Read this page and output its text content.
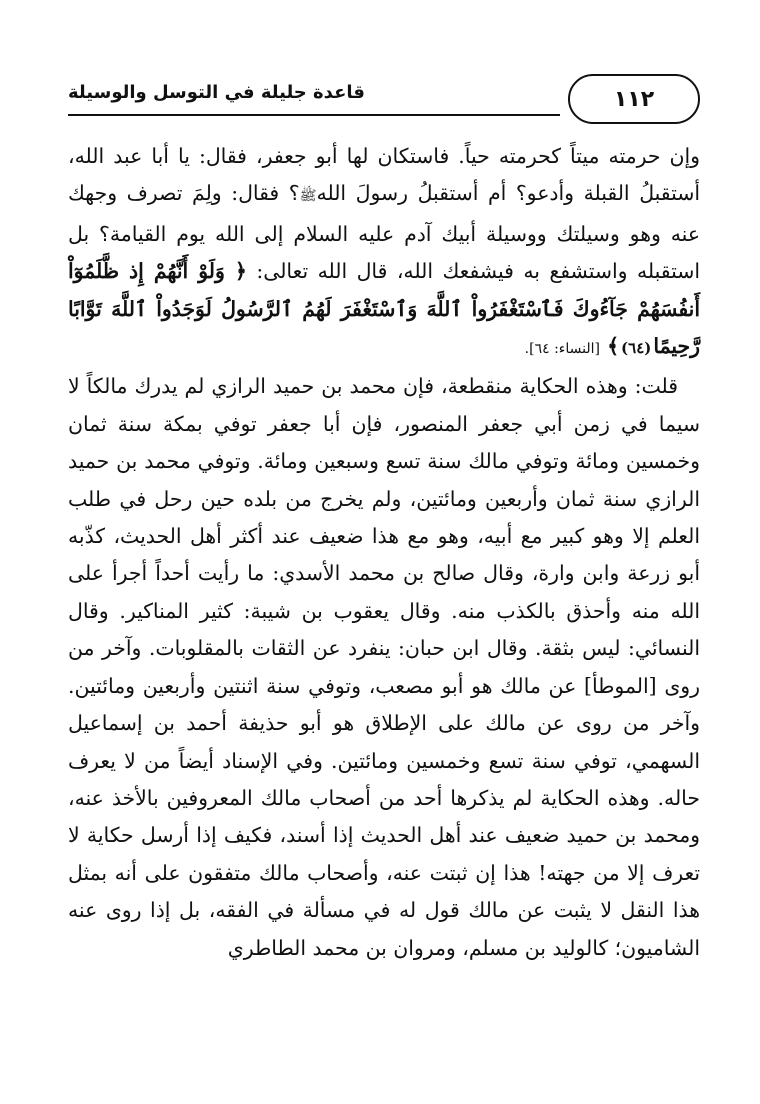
قاعدة جليلة في التوسل والوسيلة	١١٢

وإن حرمته ميتاً كحرمته حياً. فاستكان لها أبو جعفر، فقال: يا أبا عبد الله، أستقبلُ القبلة وأدعو؟ أم أستقبلُ رسولَ اللهﷺ؟ فقال: ولِمَ تصرف وجهك عنه وهو وسيلتك ووسيلة أبيك آدم عليه السلام إلى الله يوم القيامة؟ بل استقبله واستشفع به فيشفعك الله، قال الله تعالى: ﴿ وَلَوْ أَنَّهُمْ إِذ ظَّلَمُوٓاْ أَنفُسَهُمْ جَآءُوكَ فَٱسْتَغْفَرُواْ ٱللَّهَ وَٱسْتَغْفَرَ لَهُمُ ٱلرَّسُولُ لَوَجَدُواْ ٱللَّهَ تَوَّابًا رَّحِيمًا(٦٤)﴾ [النساء: ٦٤].

قلت: وهذه الحكاية منقطعة، فإن محمد بن حميد الرازي لم يدرك مالكاً لا سيما في زمن أبي جعفر المنصور، فإن أبا جعفر توفي بمكة سنة ثمان وخمسين ومائة وتوفي مالك سنة تسع وسبعين ومائة. وتوفي محمد بن حميد الرازي سنة ثمان وأربعين ومائتين، ولم يخرج من بلده حين رحل في طلب العلم إلا وهو كبير مع أبيه، وهو مع هذا ضعيف عند أكثر أهل الحديث، كذّبه أبو زرعة وابن وارة، وقال صالح بن محمد الأسدي: ما رأيت أحداً أجرأ على الله منه وأحذق بالكذب منه. وقال يعقوب بن شيبة: كثير المناكير. وقال النسائي: ليس بثقة. وقال ابن حبان: ينفرد عن الثقات بالمقلوبات. وآخر من روى [الموطأ] عن مالك هو أبو مصعب، وتوفي سنة اثنتين وأربعين ومائتين. وآخر من روى عن مالك على الإطلاق هو أبو حذيفة أحمد بن إسماعيل السهمي، توفي سنة تسع وخمسين ومائتين. وفي الإسناد أيضاً من لا يعرف حاله. وهذه الحكاية لم يذكرها أحد من أصحاب مالك المعروفين بالأخذ عنه، ومحمد بن حميد ضعيف عند أهل الحديث إذا أسند، فكيف إذا أرسل حكاية لا تعرف إلا من جهته! هذا إن ثبتت عنه، وأصحاب مالك متفقون على أنه بمثل هذا النقل لا يثبت عن مالك قول له في مسألة في الفقه، بل إذا روى عنه الشاميون؛ كالوليد بن مسلم، ومروان بن محمد الطاطري
